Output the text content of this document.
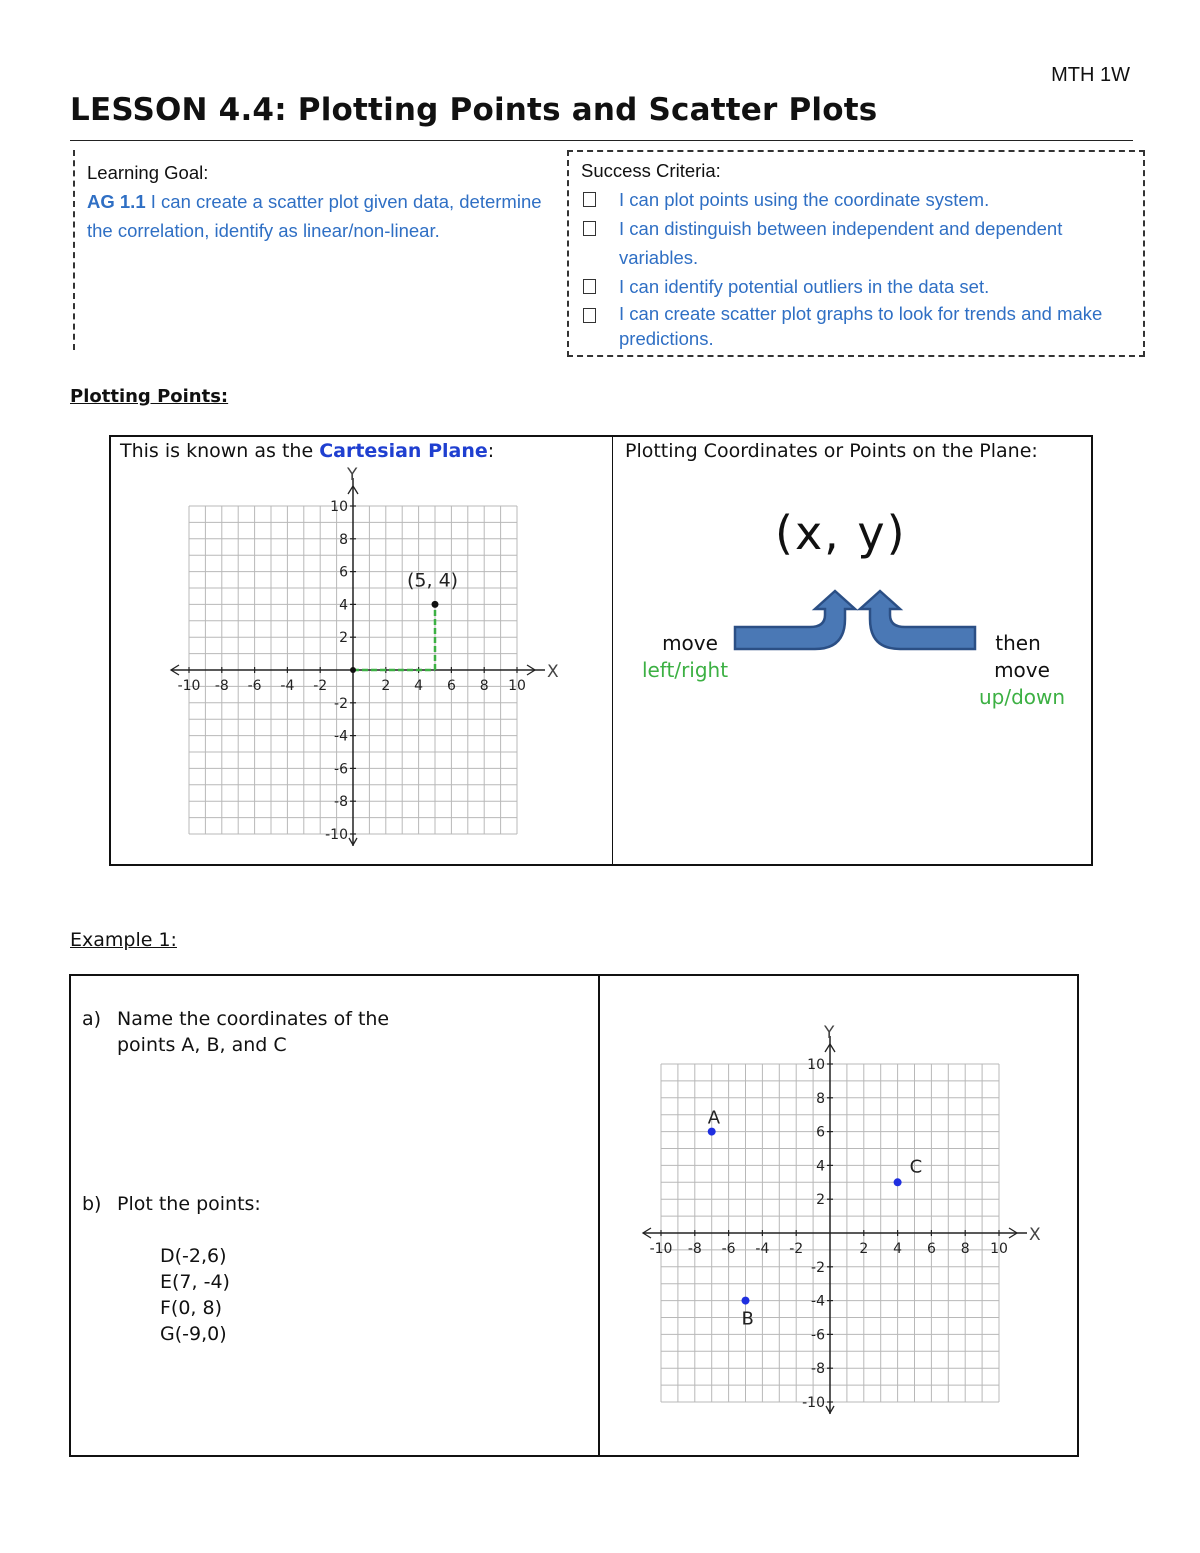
MTH 1W
LESSON 4.4: Plotting Points and Scatter Plots
Learning Goal:
AG 1.1 I can create a scatter plot given data, determine the correlation, identify as linear/non-linear.
Success Criteria:
I can plot points using the coordinate system.
I can distinguish between independent and dependent variables.
I can identify potential outliers in the data set.
I can create scatter plot graphs to look for trends and make predictions.
Plotting Points:
This is known as the Cartesian Plane:
X
Y
-10 -8 -6 -4 -2	2 4 6 8 10
10
8
6
4
2
-2
-4
-6
-8
-10
(5, 4)
Plotting Coordinates or Points on the Plane:
(x, y)
move
left/right
then
move
up/down
Example 1:
a) Name the coordinates of the
points A, B, and C
b) Plot the points:
D(-2,6)
E(7, -4)
F(0, 8)
G(-9,0)
X
Y
-10 -8 -6 -4 -2	2 4 6 8 10
10
8
6
4
2
-2
-4
-6
-8
-10
A
B
C
